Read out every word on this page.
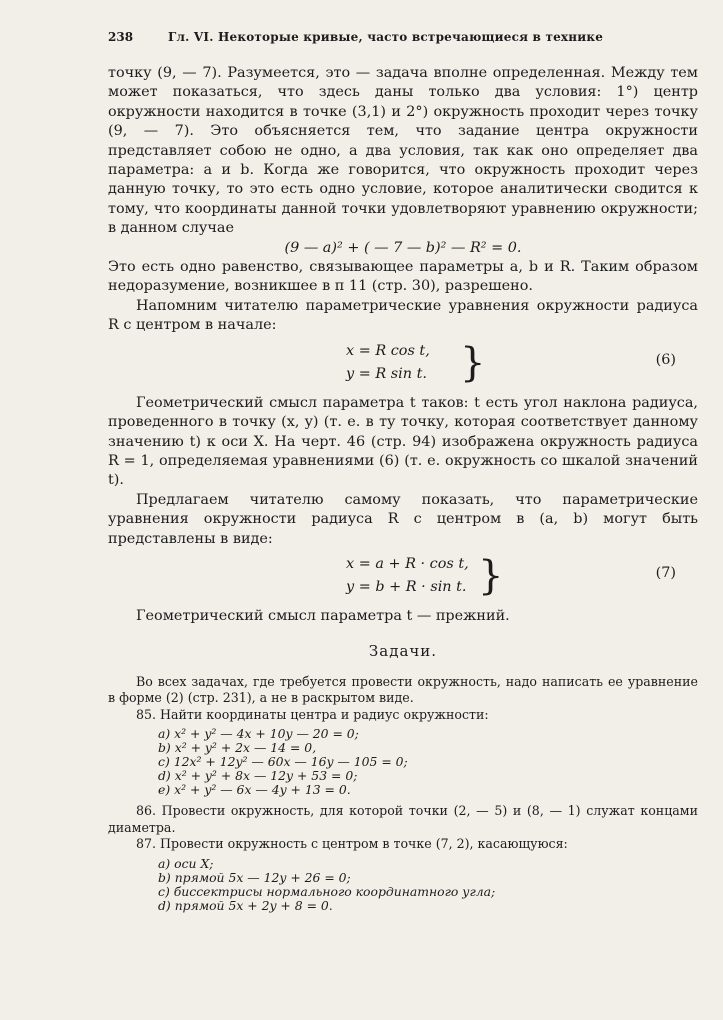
238	Гл. VI. Некоторые кривые, часто встречающиеся в технике

точку (9, — 7). Разумеется, это — задача вполне определенная. Между тем может показаться, что здесь даны только два условия: 1°) центр окружности находится в точке (3,1) и 2°) окружность проходит через точку (9, — 7). Это объясняется тем, что задание центра окружности представляет собою не одно, а два условия, так как оно определяет два параметра: a и b. Когда же говорится, что окружность проходит через данную точку, то это есть одно условие, которое аналитически сводится к тому, что координаты данной точки удовлетворяют уравнению окружности; в данном случае

(9 — a)² + ( — 7 — b)² — R² = 0.

Это есть одно равенство, связывающее параметры a, b и R. Таким образом недоразумение, возникшее в п 11 (стр. 30), разрешено.

Напомним читателю параметрические уравнения окружности радиуса R с центром в начале:

x = R cos t,
y = R sin t. }	(6)

Геометрический смысл параметра t таков: t есть угол наклона радиуса, проведенного в точку (x, y) (т. е. в ту точку, которая соответствует данному значению t) к оси X. На черт. 46 (стр. 94) изображена окружность радиуса R = 1, определяемая уравнениями (6) (т. е. окружность со шкалой значений t).

Предлагаем читателю самому показать, что параметрические уравнения окружности радиуса R с центром в (a, b) могут быть представлены в виде:

x = a + R · cos t,
y = b + R · sin t. }	(7)

Геометрический смысл параметра t — прежний.

Задачи.

Во всех задачах, где требуется провести окружность, надо написать ее уравнение в форме (2) (стр. 231), а не в раскрытом виде.

85. Найти координаты центра и радиус окружности:

a) x² + y² — 4x + 10y — 20 = 0;
b) x² + y² + 2x — 14 = 0,
c) 12x² + 12y² — 60x — 16y — 105 = 0;
d) x² + y² + 8x — 12y + 53 = 0;
e) x² + y² — 6x — 4y + 13 = 0.

86. Провести окружность, для которой точки (2, — 5) и (8, — 1) служат концами диаметра.

87. Провести окружность с центром в точке (7, 2), касающуюся:

a) оси X;
b) прямой 5x — 12y + 26 = 0;
c) биссектрисы нормального координатного угла;
d) прямой 5x + 2y + 8 = 0.
